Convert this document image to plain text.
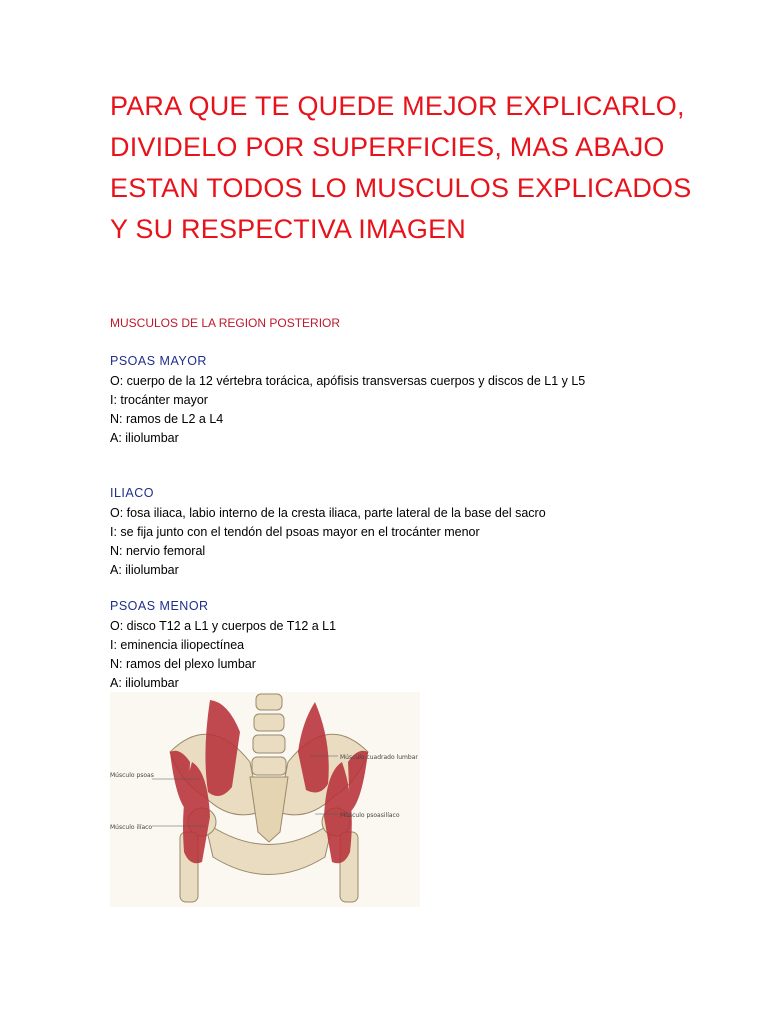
PARA QUE TE QUEDE MEJOR EXPLICARLO,
DIVIDELO POR SUPERFICIES, MAS ABAJO
ESTAN TODOS LO MUSCULOS EXPLICADOS
Y SU RESPECTIVA IMAGEN
MUSCULOS DE LA REGION POSTERIOR
PSOAS MAYOR

O: cuerpo de la 12 vértebra torácica, apófisis transversas cuerpos y discos de L1 y L5

I: trocánter mayor

N: ramos de L2 a L4

A: iliolumbar

ILIACO

O: fosa iliaca, labio interno de la cresta iliaca, parte lateral de la base del sacro

I: se fija junto con el tendón del psoas mayor en el trocánter menor

N: nervio femoral

A: iliolumbar

PSOAS MENOR

O: disco T12 a L1 y cuerpos de T12 a L1

I: eminencia iliopectínea

N: ramos del plexo lumbar

A: iliolumbar

Músculo psoas
Músculo ilíaco
Músculo cuadrado lumbar
Músculo psoasilíaco
